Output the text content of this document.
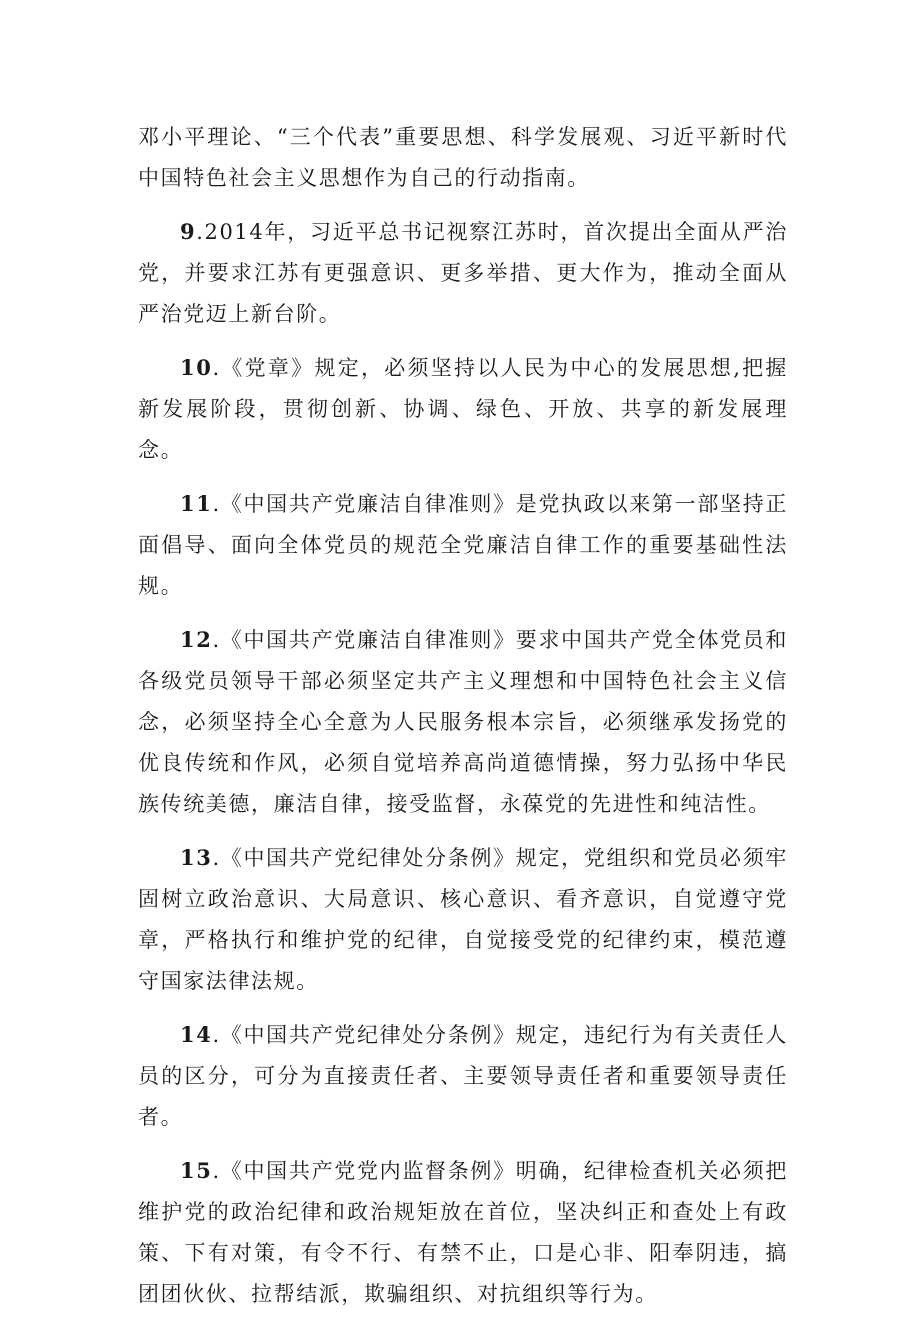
邓小平理论、“三个代表”重要思想、科学发展观、习近平新时代中国特色社会主义思想作为自己的行动指南。

9.2014年，习近平总书记视察江苏时，首次提出全面从严治党，并要求江苏有更强意识、更多举措、更大作为，推动全面从严治党迈上新台阶。

10.《党章》规定，必须坚持以人民为中心的发展思想,把握新发展阶段，贯彻创新、协调、绿色、开放、共享的新发展理念。

11.《中国共产党廉洁自律准则》是党执政以来第一部坚持正面倡导、面向全体党员的规范全党廉洁自律工作的重要基础性法规。

12.《中国共产党廉洁自律准则》要求中国共产党全体党员和各级党员领导干部必须坚定共产主义理想和中国特色社会主义信念，必须坚持全心全意为人民服务根本宗旨，必须继承发扬党的优良传统和作风，必须自觉培养高尚道德情操，努力弘扬中华民族传统美德，廉洁自律，接受监督，永葆党的先进性和纯洁性。

13.《中国共产党纪律处分条例》规定，党组织和党员必须牢固树立政治意识、大局意识、核心意识、看齐意识，自觉遵守党章，严格执行和维护党的纪律，自觉接受党的纪律约束，模范遵守国家法律法规。

14.《中国共产党纪律处分条例》规定，违纪行为有关责任人员的区分，可分为直接责任者、主要领导责任者和重要领导责任者。

15.《中国共产党党内监督条例》明确，纪律检查机关必须把维护党的政治纪律和政治规矩放在首位，坚决纠正和查处上有政策、下有对策，有令不行、有禁不止，口是心非、阳奉阴违，搞团团伙伙、拉帮结派，欺骗组织、对抗组织等行为。
